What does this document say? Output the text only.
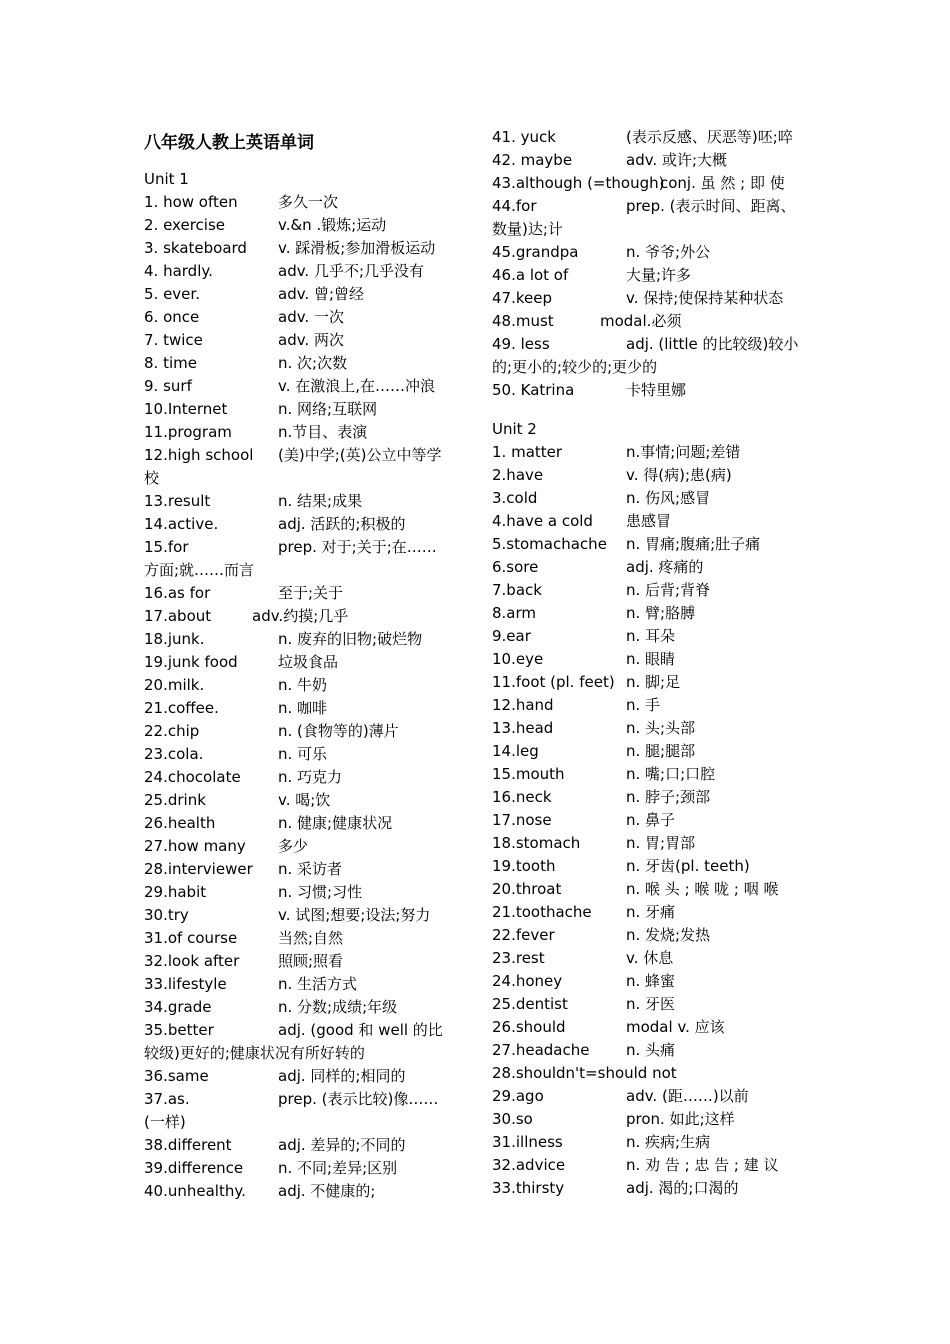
八年级人教上英语单词
Unit 1
1. how often	多久一次
2. exercise	v.&n .锻炼;运动
3. skateboard v. 踩滑板;参加滑板运动
4. hardly.	adv. 几乎不;几乎没有
5. ever.	adv. 曾;曾经
6. once	adv. 一次
7. twice	adv. 两次
8. time	n. 次;次数
9. surf	v. 在激浪上,在……冲浪
10.Internet	n. 网络;互联网
11.program	n.节目、表演
12.high school (美)中学;(英)公立中等学
校
13.result	n. 结果;成果
14.active.	adj. 活跃的;积极的
15.for	prep. 对于;关于;在……
方面;就……而言
16.as for	至于;关于
17.about	adv.约摸;几乎
18.junk.	n. 废弃的旧物;破烂物
19.junk food	垃圾食品
20.milk.	n. 牛奶
21.coffee.	n. 咖啡
22.chip	n. (食物等的)薄片
23.cola.	n. 可乐
24.chocolate n. 巧克力
25.drink	v. 喝;饮
26.health	n. 健康;健康状况
27.how many 多少
28.interviewer n. 采访者
29.habit	n. 习惯;习性
30.try	v. 试图;想要;设法;努力
31.of course	当然;自然
32.look after	照顾;照看
33.lifestyle	n. 生活方式
34.grade	n. 分数;成绩;年级
35.better	adj. (good 和 well 的比
较级)更好的;健康状况有所好转的
36.same	adj. 同样的;相同的
37.as.	prep. (表示比较)像……
(一样)
38.different	adj. 差异的;不同的
39.difference n. 不同;差异;区别
40.unhealthy. adj. 不健康的;
41. yuck	(表示反感、厌恶等)呸;啐
42. maybe	adv. 或许;大概
43.although (=though)
conj. 虽 然 ; 即 使
44.for	prep. (表示时间、距离、
数量)达;计
45.grandpa	n. 爷爷;外公
46.a lot of	大量;许多
47.keep	v. 保持;使保持某种状态
48.must	modal.必须
49. less	adj. (little 的比较级)较小
的;更小的;较少的;更少的
50. Katrina	卡特里娜
Unit 2
1. matter	n.事情;问题;差错
2.have	v. 得(病);患(病)
3.cold	n. 伤风;感冒
4.have a cold 患感冒
5.stomachache n. 胃痛;腹痛;肚子痛
6.sore	adj. 疼痛的
7.back	n. 后背;背脊
8.arm	n. 臂;胳膊
9.ear	n. 耳朵
10.eye	n. 眼睛
11.foot (pl. feet) n. 脚;足
12.hand	n. 手
13.head	n. 头;头部
14.leg	n. 腿;腿部
15.mouth	n. 嘴;口;口腔
16.neck	n. 脖子;颈部
17.nose	n. 鼻子
18.stomach	n. 胃;胃部
19.tooth	n. 牙齿(pl. teeth)
20.throat	n. 喉 头 ; 喉 咙 ; 咽 喉
21.toothache n. 牙痛
22.fever	n. 发烧;发热
23.rest	v. 休息
24.honey	n. 蜂蜜
25.dentist	n. 牙医
26.should	modal v. 应该
27.headache n. 头痛
28.shouldn't=should not
29.ago	adv. (距……)以前
30.so	pron. 如此;这样
31.illness	n. 疾病;生病
32.advice	n. 劝 告 ; 忠 告 ; 建 议
33.thirsty	adj. 渴的;口渴的
